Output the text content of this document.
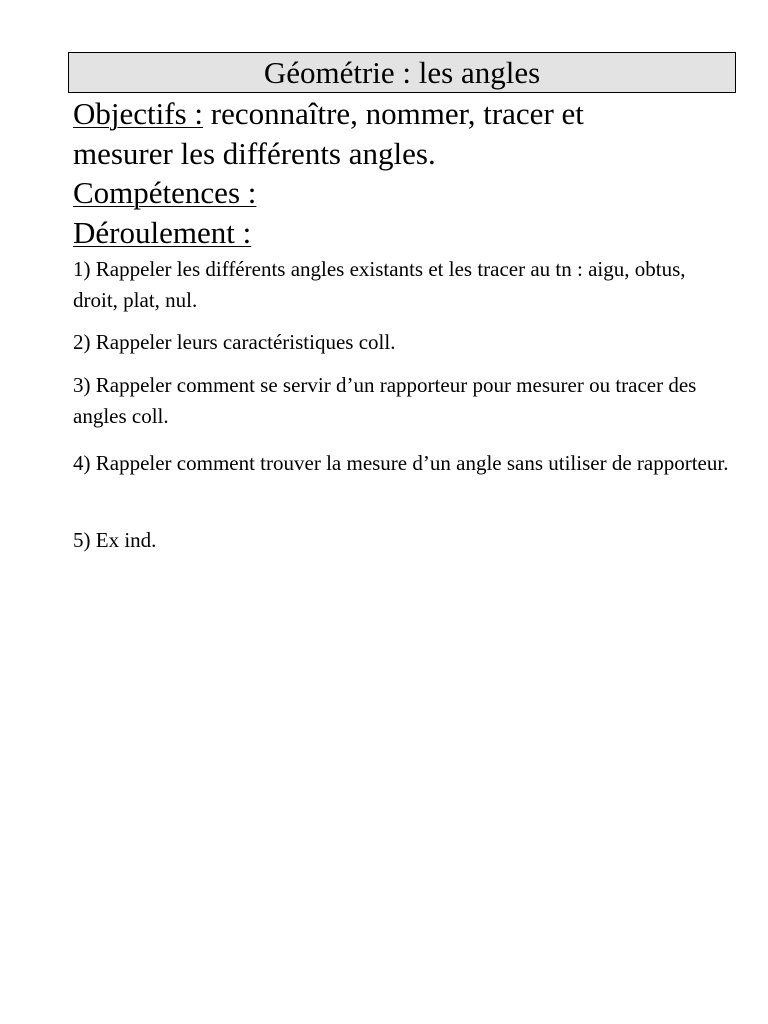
Géométrie : les angles
Objectifs : reconnaître, nommer, tracer et
mesurer les différents angles.
Compétences :
Déroulement :
1) Rappeler les différents angles existants et les tracer au tn : aigu, obtus, droit, plat, nul.
2) Rappeler leurs caractéristiques coll.
3) Rappeler comment se servir d’un rapporteur pour mesurer ou tracer des angles coll.
4) Rappeler comment trouver la mesure d’un angle sans utiliser de rapporteur.
5) Ex ind.
